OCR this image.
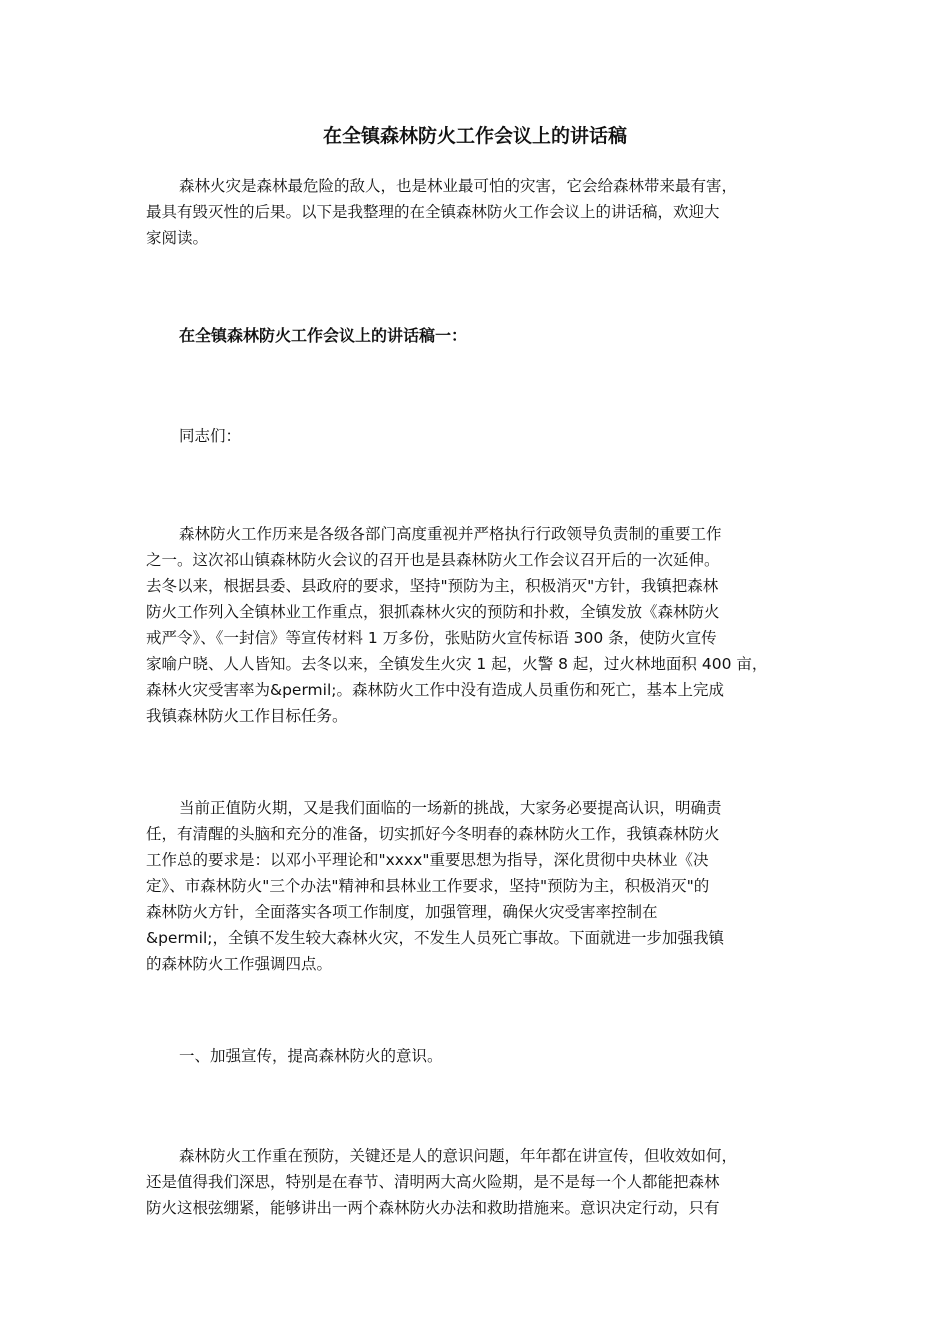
在全镇森林防火工作会议上的讲话稿
森林火灾是森林最危险的敌人，也是林业最可怕的灾害，它会给森林带来最有害，
最具有毁灭性的后果。以下是我整理的在全镇森林防火工作会议上的讲话稿，欢迎大
家阅读。
在全镇森林防火工作会议上的讲话稿一：
同志们：
森林防火工作历来是各级各部门高度重视并严格执行行政领导负责制的重要工作
之一。这次祁山镇森林防火会议的召开也是县森林防火工作会议召开后的一次延伸。
去冬以来，根据县委、县政府的要求，坚持"预防为主，积极消灭"方针，我镇把森林
防火工作列入全镇林业工作重点，狠抓森林火灾的预防和扑救，全镇发放《森林防火
戒严令》、《一封信》等宣传材料 1 万多份，张贴防火宣传标语 300 条，使防火宣传
家喻户晓、人人皆知。去冬以来，全镇发生火灾 1 起，火警 8 起，过火林地面积 400 亩，
森林火灾受害率为&permil;。森林防火工作中没有造成人员重伤和死亡，基本上完成
我镇森林防火工作目标任务。
当前正值防火期，又是我们面临的一场新的挑战，大家务必要提高认识，明确责
任，有清醒的头脑和充分的准备，切实抓好今冬明春的森林防火工作，我镇森林防火
工作总的要求是：以邓小平理论和"xxxx"重要思想为指导，深化贯彻中央林业《决
定》、市森林防火"三个办法"精神和县林业工作要求，坚持"预防为主，积极消灭"的
森林防火方针，全面落实各项工作制度，加强管理，确保火灾受害率控制在
&permil;，全镇不发生较大森林火灾，不发生人员死亡事故。下面就进一步加强我镇
的森林防火工作强调四点。
一、加强宣传，提高森林防火的意识。
森林防火工作重在预防，关键还是人的意识问题，年年都在讲宣传，但收效如何，
还是值得我们深思，特别是在春节、清明两大高火险期，是不是每一个人都能把森林
防火这根弦绷紧，能够讲出一两个森林防火办法和救助措施来。意识决定行动，只有
